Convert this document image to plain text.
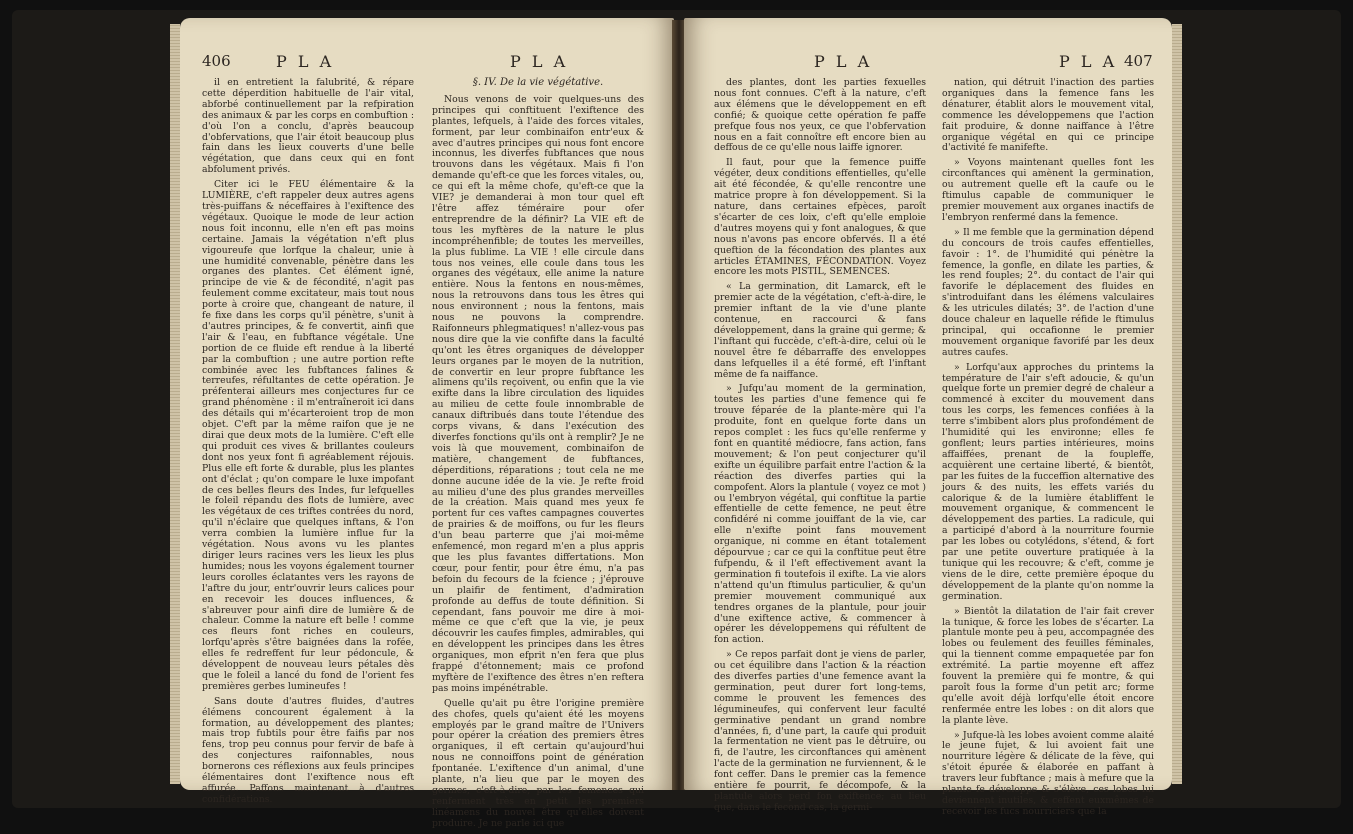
406	P L A	P L A

il en entretient la falubrité, & répare cette déperdition habituelle de l'air vital, abforbé continuellement par la refpiration des animaux & par les corps en combuftion : d'où l'on a conclu, d'après beaucoup d'obfervations, que l'air étoit beaucoup plus fain dans les lieux couverts d'une belle végétation, que dans ceux qui en font abfolument privés.

Citer ici le FEU élémentaire & la LUMIÈRE, c'eft rappeler deux autres agens très-puiffans & néceffaires à l'exiftence des végétaux. Quoique le mode de leur action nous foit inconnu, elle n'en eft pas moins certaine. Jamais la végétation n'eft plus vigoureufe que lorfque la chaleur, unie à une humidité convenable, pénètre dans les organes des plantes. Cet élément igné, principe de vie & de fécondité, n'agit pas feulement comme excitateur, mais tout nous porte à croire que, changeant de nature, il fe fixe dans les corps qu'il pénètre, s'unit à d'autres principes, & fe convertit, ainfi que l'air & l'eau, en fubftance végétale. Une portion de ce fluide eft rendue à la liberté par la combuftion ; une autre portion refte combinée avec les fubftances falines & terreufes, réfultantes de cette opération. Je préfenterai ailleurs mes conjectures fur ce grand phénomène : il m'entraîneroit ici dans des détails qui m'écarteroient trop de mon objet. C'eft par la même raifon que je ne dirai que deux mots de la lumière. C'eft elle qui produit ces vives & brillantes couleurs dont nos yeux font fi agréablement réjouis. Plus elle eft forte & durable, plus les plantes ont d'éclat ; qu'on compare le luxe impofant de ces belles fleurs des Indes, fur lefquelles le foleil répandu des flots de lumière, avec les végétaux de ces triftes contrées du nord, qu'il n'éclaire que quelques inftans, & l'on verra combien la lumière influe fur la végétation. Nous avons vu les plantes diriger leurs racines vers les lieux les plus humides; nous les voyons également tourner leurs corolles éclatantes vers les rayons de l'aftre du jour, entr'ouvrir leurs calices pour en recevoir les douces influences, & s'abreuver pour ainfi dire de lumière & de chaleur. Comme la nature eft belle ! comme ces fleurs font riches en couleurs, lorfqu'après s'être baignées dans la rofée, elles fe redreffent fur leur pédoncule, & développent de nouveau leurs pétales dès que le foleil a lancé du fond de l'orient fes premières gerbes lumineufes !

Sans doute d'autres fluides, d'autres élémens concourent également à la formation, au développement des plantes; mais trop fubtils pour être faifis par nos fens, trop peu connus pour fervir de bafe à des conjectures raifonnables, nous bornerons ces réflexions aux feuls principes élémentaires dont l'exiftence nous eft affurée. Paffons maintenant à d'autres confidérations.

§. IV. De la vie végétative.

Nous venons de voir quelques-uns des principes qui conftituent l'exiftence des plantes, lefquels, à l'aide des forces vitales, forment, par leur combinaifon entr'eux & avec d'autres principes qui nous font encore inconnus, les diverfes fubftances que nous trouvons dans les végétaux. Mais fi l'on demande qu'eft-ce que les forces vitales, ou, ce qui eft la même chofe, qu'eft-ce que la VIE? je demanderai à mon tour quel eft l'être affez téméraire pour ofer entreprendre de la définir? La VIE eft de tous les myftères de la nature le plus incompréhenfible; de toutes les merveilles, la plus fublime. La VIE ! elle circule dans tous nos veines, elle coule dans tous les organes des végétaux, elle anime la nature entière. Nous la fentons en nous-mêmes, nous la retrouvons dans tous les êtres qui nous environnent ; nous la fentons, mais nous ne pouvons la comprendre. Raifonneurs phlegmatiques! n'allez-vous pas nous dire que la vie confifte dans la faculté qu'ont les êtres organiques de développer leurs organes par le moyen de la nutrition, de convertir en leur propre fubftance les alimens qu'ils reçoivent, ou enfin que la vie exifte dans la libre circulation des liquides au milieu de cette foule innombrable de canaux diftribués dans toute l'étendue des corps vivans, & dans l'exécution des diverfes fonctions qu'ils ont à remplir? Je ne vois là que mouvement, combinaifon de matière, changement de fubftances, déperditions, réparations ; tout cela ne me donne aucune idée de la vie. Je refte froid au milieu d'une des plus grandes merveilles de la création. Mais quand mes yeux fe portent fur ces vaftes campagnes couvertes de prairies & de moiffons, ou fur les fleurs d'un beau parterre que j'ai moi-même enfemencé, mon regard m'en a plus appris que les plus favantes differtations. Mon cœur, pour fentir, pour être ému, n'a pas befoin du fecours de la fcience ; j'éprouve un plaifir de fentiment, d'admiration profonde au deffus de toute définition. Si cependant, fans pouvoir me dire à moi-même ce que c'eft que la vie, je peux découvrir les caufes fimples, admirables, qui en développent les principes dans les êtres organiques, mon efprit n'en fera que plus frappé d'étonnement; mais ce profond myftère de l'exiftence des êtres n'en reftera pas moins impénétrable.

Quelle qu'ait pu être l'origine première des chofes, quels qu'aient été les moyens employés par le grand maître de l'Univers pour opérer la création des premiers êtres organiques, il eft certain qu'aujourd'hui nous ne connoiffons point de génération fpontanée. L'exiftence d'un animal, d'une plante, n'a lieu que par le moyen des germes, c'eft-à-dire, par les femences qui renferment très en petit les premiers linéamens du nouvel être qu'elles doivent produire. Je ne parle ici que

P L A	P L A 407

des plantes, dont les parties fexuelles nous font connues. C'eft à la nature, c'eft aux élémens que le développement en eft confié; & quoique cette opération fe paffe prefque fous nos yeux, ce que l'obfervation nous en a fait connoître eft encore bien au deffous de ce qu'elle nous laiffe ignorer.

Il faut, pour que la femence puiffe végéter, deux conditions effentielles, qu'elle ait été fécondée, & qu'elle rencontre une matrice propre à fon développement. Si la nature, dans certaines efpèces, paroît s'écarter de ces loix, c'eft qu'elle emploie d'autres moyens qui y font analogues, & que nous n'avons pas encore obfervés. Il a été queftion de la fécondation des plantes aux articles ÉTAMINES, FÉCONDATION. Voyez encore les mots PISTIL, SEMENCES.

« La germination, dit Lamarck, eft le premier acte de la végétation, c'eft-à-dire, le premier inftant de la vie d'une plante contenue, en raccourci & fans développement, dans la graine qui germe; & l'inftant qui fuccède, c'eft-à-dire, celui où le nouvel être fe débarraffe des enveloppes dans lefquelles il a été formé, eft l'inftant même de fa naiffance.

» Jufqu'au moment de la germination, toutes les parties d'une femence qui fe trouve féparée de la plante-mère qui l'a produite, font en quelque forte dans un repos complet : les fucs qu'elle renferme y font en quantité médiocre, fans action, fans mouvement; & l'on peut conjecturer qu'il exifte un équilibre parfait entre l'action & la réaction des diverfes parties qui la compofent. Alors la plantule ( voyez ce mot ) ou l'embryon végétal, qui conftitue la partie effentielle de cette femence, ne peut être confidéré ni comme jouiffant de la vie, car elle n'exifte point fans mouvement organique, ni comme en étant totalement dépourvue ; car ce qui la conftitue peut être fufpendu, & il l'eft effectivement avant la germination fi toutefois il exifte. La vie alors n'attend qu'un ftimulus particulier, & qu'un premier mouvement communiqué aux tendres organes de la plantule, pour jouir d'une exiftence active, & commencer à opérer les développemens qui réfultent de fon action.

» Ce repos parfait dont je viens de parler, ou cet équilibre dans l'action & la réaction des diverfes parties d'une femence avant la germination, peut durer fort long-tems, comme le prouvent les femences des légumineufes, qui confervent leur faculté germinative pendant un grand nombre d'années, fi, d'une part, la caufe qui produit la fermentation ne vient pas le détruire, ou fi, de l'autre, les circonftances qui amènent l'acte de la germination ne furviennent, & le font ceffer. Dans le premier cas la femence entière fe pourrit, fe décompofe, & la plantule alors perd fon exiftence; au lieu que, dans le fecond cas, la germi-

nation, qui détruit l'inaction des parties organiques dans la femence fans les dénaturer, établit alors le mouvement vital, commence les développemens que l'action fait produire, & donne naiffance à l'être organique végétal en qui ce principe d'activité fe manifefte.

» Voyons maintenant quelles font les circonftances qui amènent la germination, ou autrement quelle eft la caufe ou le ftimulus capable de communiquer le premier mouvement aux organes inactifs de l'embryon renfermé dans la femence.

» Il me femble que la germination dépend du concours de trois caufes effentielles, favoir : 1°. de l'humidité qui pénètre la femence, la gonfle, en dilate les parties, & les rend fouples; 2°. du contact de l'air qui favorife le déplacement des fluides en s'introduifant dans les élémens valculaires & les utricules dilatés; 3°. de l'action d'une douce chaleur en laquelle réfide le ftimulus principal, qui occafionne le premier mouvement organique favorifé par les deux autres caufes.

» Lorfqu'aux approches du printems la température de l'air s'eft adoucie, & qu'un quelque forte un premier degré de chaleur a commencé à exciter du mouvement dans tous les corps, les femences confiées à la terre s'imbibent alors plus profondément de l'humidité qui les environne; elles fe gonflent; leurs parties intérieures, moins affaiffées, prenant de la foupleffe, acquièrent une certaine liberté, & bientôt, par les fuites de la fucceffion alternative des jours & des nuits, les effets variés du calorique & de la lumière établiffent le mouvement organique, & commencent le développement des parties. La radicule, qui a participé d'abord à la nourriture fournie par les lobes ou cotylédons, s'étend, & fort par une petite ouverture pratiquée à la tunique qui les recouvre; & c'eft, comme je viens de le dire, cette première époque du développement de la plante qu'on nomme la germination.

» Bientôt la dilatation de l'air fait crever la tunique, & force les lobes de s'écarter. La plantule monte peu à peu, accompagnée des lobes ou feulement des feuilles féminales, qui la tiennent comme empaquetée par fon extrémité. La partie moyenne eft affez fouvent la première qui fe montre, & qui paroît fous la forme d'un petit arc; forme qu'elle avoit déjà lorfqu'elle étoit encore renfermée entre les lobes : on dit alors que la plante lève.

» Jufque-là les lobes avoient comme alaité le jeune fujet, & lui avoient fait une nourriture légère & délicate de la fève, qui s'étoit épurée & élaborée en paffant à travers leur fubftance ; mais à mefure que la plante fe développe & s'élève, ces lobes lui deviennent inutiles, & ceffent euxmêmes de recevoir les fucs nourriciers que la
